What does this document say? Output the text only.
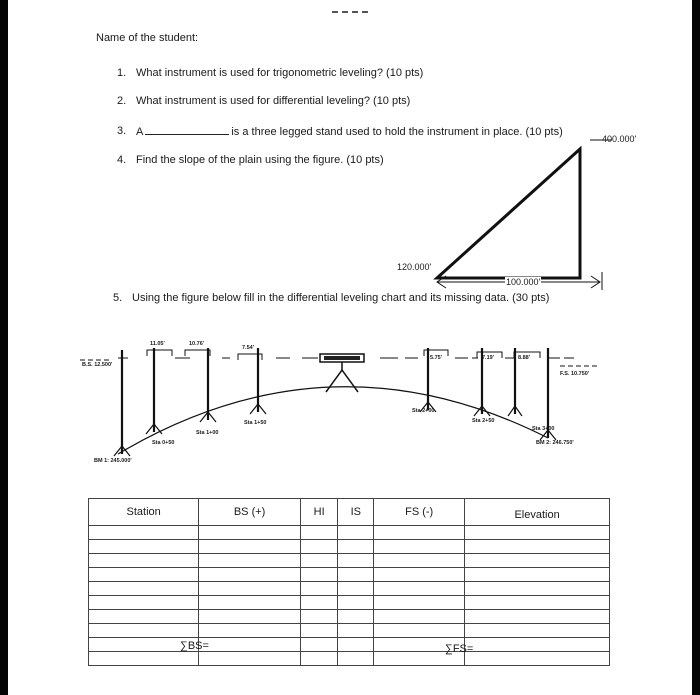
Name of the student:
1. What instrument is used for trigonometric leveling? (10 pts)
2. What instrument is used for differential leveling? (10 pts)
3. A	is a three legged stand used to hold the instrument in place. (10 pts)
4. Find the slope of the plain using the figure. (10 pts)
400.000'
120.000'
100.000'
5. Using the figure below fill in the differential leveling chart and its missing data. (30 pts)
B.S. 12.500'
F.S. 10.750'
BM 1: 245.000'
BM 2: 246.750'
11.05'	10.76'
7.54'
5.75'	7.19'	8.88'
Sta 0+50
Sta 1+00
Sta 1+50
Sta 2+00
Sta 2+50
Sta 3+00
Station	BS (+)	HI	IS	FS (-)	Elevation

∑BS=	∑FS=
